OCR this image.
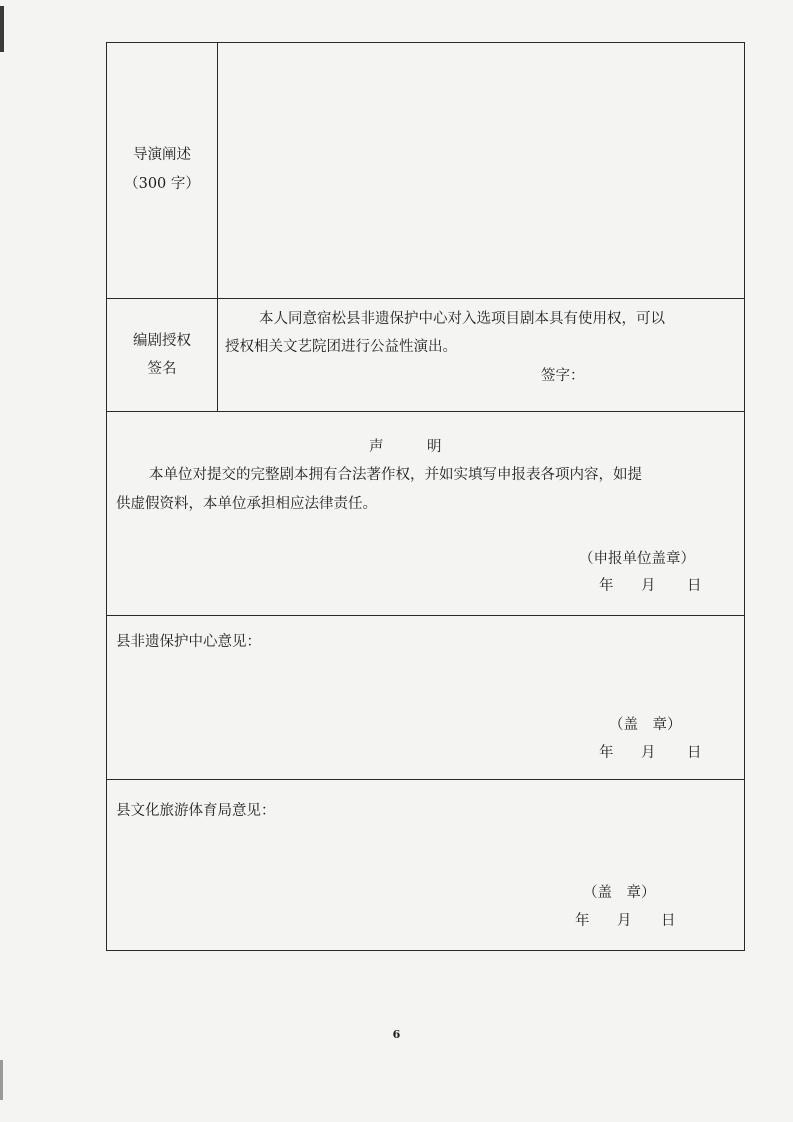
导演阐述
（300 字）
编剧授权
签名
本人同意宿松县非遗保护中心对入选项目剧本具有使用权，可以
授权相关文艺院团进行公益性演出。
签字：
声	明
本单位对提交的完整剧本拥有合法著作权，并如实填写申报表各项内容，如提
供虚假资料，本单位承担相应法律责任。
（申报单位盖章）
年 月 日
县非遗保护中心意见：
（盖　章）
年 月 日
县文化旅游体育局意见：
（盖　章）
年 月 日
6
